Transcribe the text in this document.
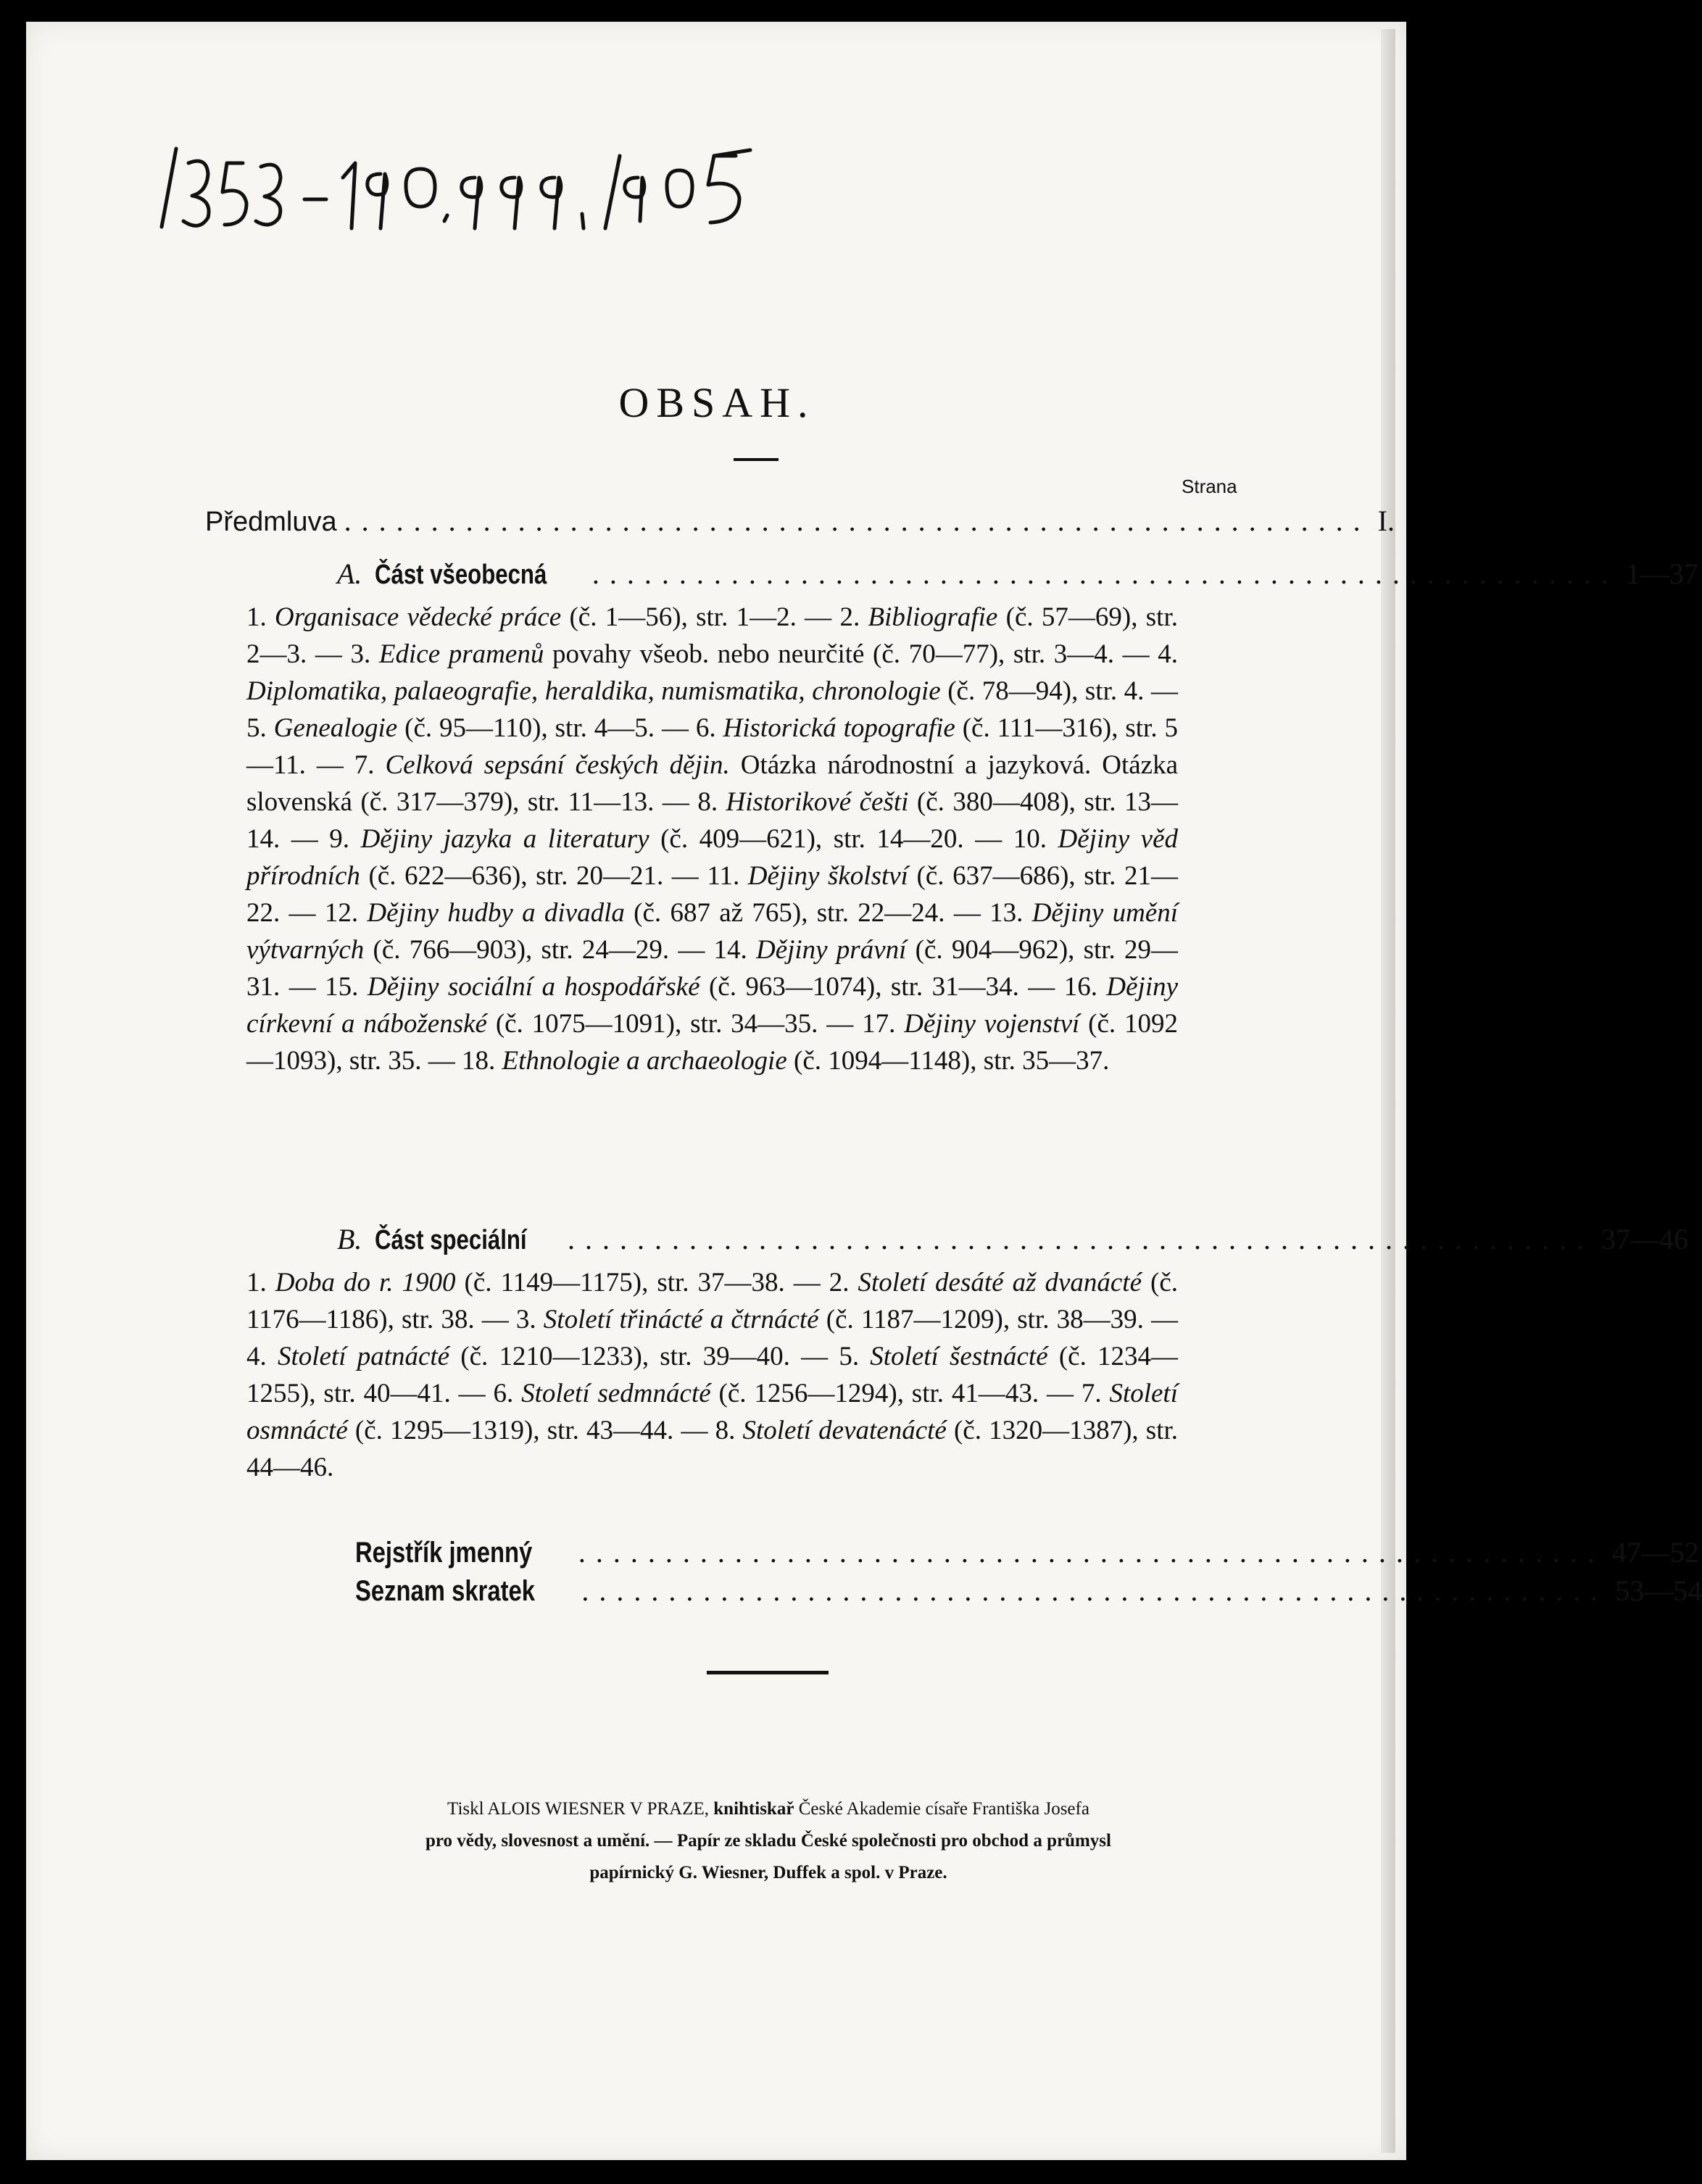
OBSAH.
Strana
Předmluva ........................................................... I.
A. Část všeobecná	........................................................... 1—37
1. Organisace vědecké práce (č. 1—56), str. 1—2. — 2. Bibliografie (č. 57—69), str. 2—3. — 3. Edice pramenů povahy všeob. nebo neurčité (č. 70—77), str. 3—4. — 4. Diplomatika, palaeografie, heraldika, numismatika, chronologie (č. 78—94), str. 4. — 5. Genealogie (č. 95—110), str. 4—5. — 6. Historická topografie (č. 111—316), str. 5—11. — 7. Celková sepsání českých dějin. Otázka národnostní a jazyková. Otázka slovenská (č. 317—379), str. 11—13. — 8. Historikové češti (č. 380—408), str. 13—14. — 9. Dějiny jazyka a literatury (č. 409—621), str. 14—20. — 10. Dějiny věd přírodních (č. 622—636), str. 20—21. — 11. Dějiny školství (č. 637—686), str. 21—22. — 12. Dějiny hudby a divadla (č. 687 až 765), str. 22—24. — 13. Dějiny umění výtvarných (č. 766—903), str. 24—29. — 14. Dějiny právní (č. 904—962), str. 29—31. — 15. Dějiny sociální a hospodářské (č. 963—1074), str. 31—34. — 16. Dějiny církevní a náboženské (č. 1075—1091), str. 34—35. — 17. Dějiny vojenství (č. 1092—1093), str. 35. — 18. Ethnologie a archaeologie (č. 1094—1148), str. 35—37.
B. Část speciální	........................................................... 37—46
1. Doba do r. 1900 (č. 1149—1175), str. 37—38. — 2. Století desáté až dvanácté (č. 1176—1186), str. 38. — 3. Století třinácté a čtrnácté (č. 1187—1209), str. 38—39. — 4. Století patnácté (č. 1210—1233), str. 39—40. — 5. Století šestnácté (č. 1234—1255), str. 40—41. — 6. Století sedmnácté (č. 1256—1294), str. 41—43. — 7. Století osmnácté (č. 1295—1319), str. 43—44. — 8. Století devatenácté (č. 1320—1387), str. 44—46.
Rejstřík jmenný	........................................................... 47—52
Seznam skratek	........................................................... 53—54
Tiskl ALOIS WIESNER V PRAZE, knihtiskař České Akademie císaře Františka Josefa
pro vědy, slovesnost a umění. — Papír ze skladu České společnosti pro obchod a průmysl
papírnický G. Wiesner, Duffek a spol. v Praze.
